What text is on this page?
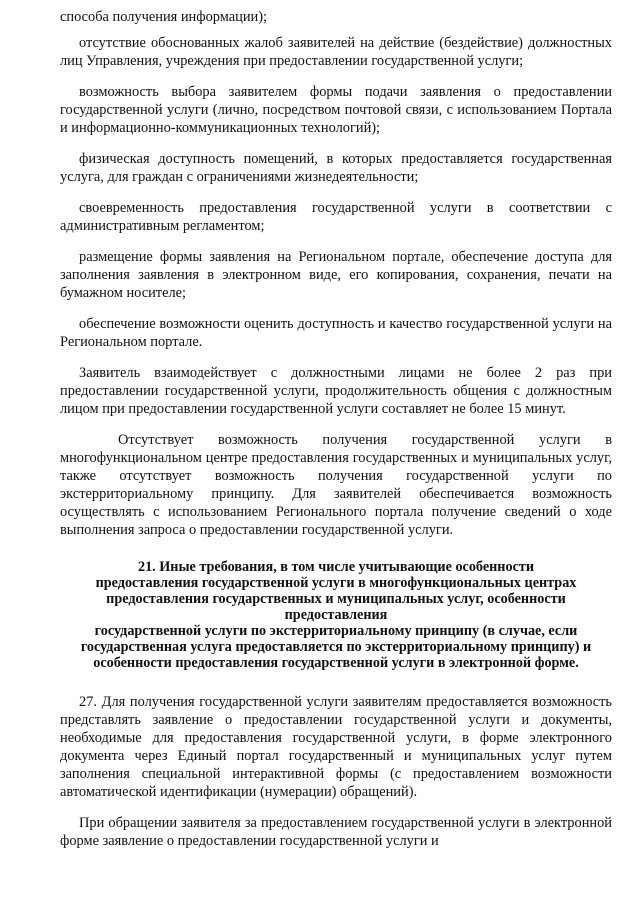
способа получения информации);

отсутствие обоснованных жалоб заявителей на действие (бездействие) должностных лиц Управления, учреждения при предоставлении государственной услуги;

возможность выбора заявителем формы подачи заявления о предоставлении государственной услуги (лично, посредством почтовой связи, с использованием Портала и информационно-коммуникационных технологий);

физическая доступность помещений, в которых предоставляется государственная услуга, для граждан с ограничениями жизнедеятельности;

своевременность предоставления государственной услуги в соответствии с административным регламентом;

размещение формы заявления на Региональном портале, обеспечение доступа для заполнения заявления в электронном виде, его копирования, сохранения, печати на бумажном носителе;

обеспечение возможности оценить доступность и качество государственной услуги на Региональном портале.

Заявитель взаимодействует с должностными лицами не более 2 раз при предоставлении государственной услуги, продолжительность общения с должностным лицом при предоставлении государственной услуги составляет не более 15 минут.

Отсутствует возможность получения государственной услуги в многофункциональном центре предоставления государственных и муниципальных услуг, также отсутствует возможность получения государственной услуги по экстерриториальному принципу. Для заявителей обеспечивается возможность осуществлять с использованием Регионального портала получение сведений о ходе выполнения запроса о предоставлении государственной услуги.

21. Иные требования, в том числе учитывающие особенности
предоставления государственной услуги в многофункциональных центрах
предоставления государственных и муниципальных услуг, особенности
предоставления
государственной услуги по экстерриториальному принципу (в случае, если
государственная услуга предоставляется по экстерриториальному принципу) и
особенности предоставления государственной услуги в электронной форме.

27. Для получения государственной услуги заявителям предоставляется возможность представлять заявление о предоставлении государственной услуги и документы, необходимые для предоставления государственной услуги, в форме электронного документа через Единый портал государственный и муниципальных услуг путем заполнения специальной интерактивной формы (с предоставлением возможности автоматической идентификации (нумерации) обращений).

При обращении заявителя за предоставлением государственной услуги в электронной форме заявление о предоставлении государственной услуги и
